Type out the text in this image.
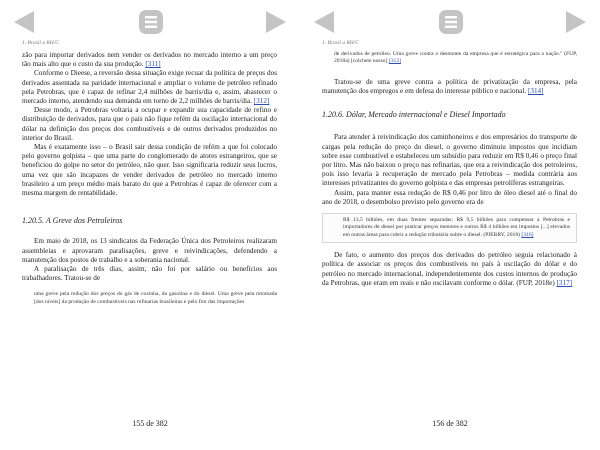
1. Brasil a RH/C

zão para importar derivados nem vender os derivados no mercado interno a um preço tão mais alto que o custo da sua produção. [311]

Conforme o Dieese, a reversão dessa situação exige recuar da política de preços dos derivados assentada na paridade internacional e ampliar o volume de petróleo refinado pela Petrobras, que é capaz de refinar 2,4 milhões de barris/dia e, assim, abastecer o mercado interno, atendendo sua demanda em torno de 2,2 milhões de barris/dia. [312]

Desse modo, a Petrobras voltaria a ocupar e expandir sua capacidade de refino e distribuição de derivados, para que o país não fique refém da oscilação internacional do dólar na definição dos preços dos combustíveis e de outros derivados produzidos no interior do Brasil.

Mas é exatamente isso – o Brasil sair dessa condição de refém a que foi colocado pelo governo golpista – que uma parte do conglomerado de atores estrangeiros, que se beneficiou do golpe no setor do petróleo, não quer. Isso significaria reduzir seus lucros, uma vez que são incapazes de vender derivados de petróleo no mercado interno brasileiro a um preço médio mais barato do que a Petrobras é capaz de oferecer com a mesma margem de rentabilidade.

1.20.5. A Greve dos Petroleiros

Em maio de 2018, os 13 sindicatos da Federação Única dos Petroleiros realizaram assembleias e aprovaram paralisações, greve e reivindicações, defendendo a manutenção dos postos de trabalho e a soberania nacional.

A paralisação de três dias, assim, não foi por salário ou benefícios aos trabalhadores. Tratou-se de

uma greve pela redução dos preços do gás de cozinha, da gasolina e do diesel. Uma greve pela retomada [dos níveis] da produção de combustíveis nas refinarias brasileiras e pelo fim das importações

155 de 382
1. Brasil a RH/C

de derivados de petróleo. Uma greve contra o desmonte da empresa que é estratégica para a nação." (FUP, 2018a) [colchete nosso] [313]

Tratou-se de uma greve contra a política de privatização da empresa, pela manutenção dos empregos e em defesa do interesse público e nacional. [314]

1.20.6. Dólar, Mercado internacional e Diesel Importado

Para atender à reivindicação dos caminhoneiros e dos empresários do transporte de cargas pela redução do preço do diesel, o governo diminuiu impostos que incidiam sobre esse combustível e estabeleceu um subsídio para reduzir em R$ 0,46 o preço final por litro. Mas não baixou o preço nas refinarias, que era a reivindicação dos petroleiros, pois isso levaria à recuperação de mercado pela Petrobras – medida contrária aos interesses privatizantes do governo golpista e das empresas petrolíferas estrangeiras.

Assim, para manter essa redução de R$ 0,46 por litro de óleo diesel até o final do ano de 2018, o desembolso previsto pelo governo era de

R$ 13,5 bilhões, em duas frentes separadas: R$ 9,5 bilhões para compensar a Petrobras e importadores de diesel por praticar preços menores e outros R$ 4 bilhões em impostos [...] elevados em outras áreas para cobrir a redução tributária sobre o diesel. (PIERRY, 2018) [316]

De fato, o aumento dos preços dos derivados do petróleo seguia relacionado à política de associar os preços dos combustíveis no país à oscilação do dólar e do petróleo no mercado internacional, independentemente dos custos internos de produção da Petrobras, que eram em reais e não oscilavam conforme o dólar. (FUP, 2018e) [317]

156 de 382
